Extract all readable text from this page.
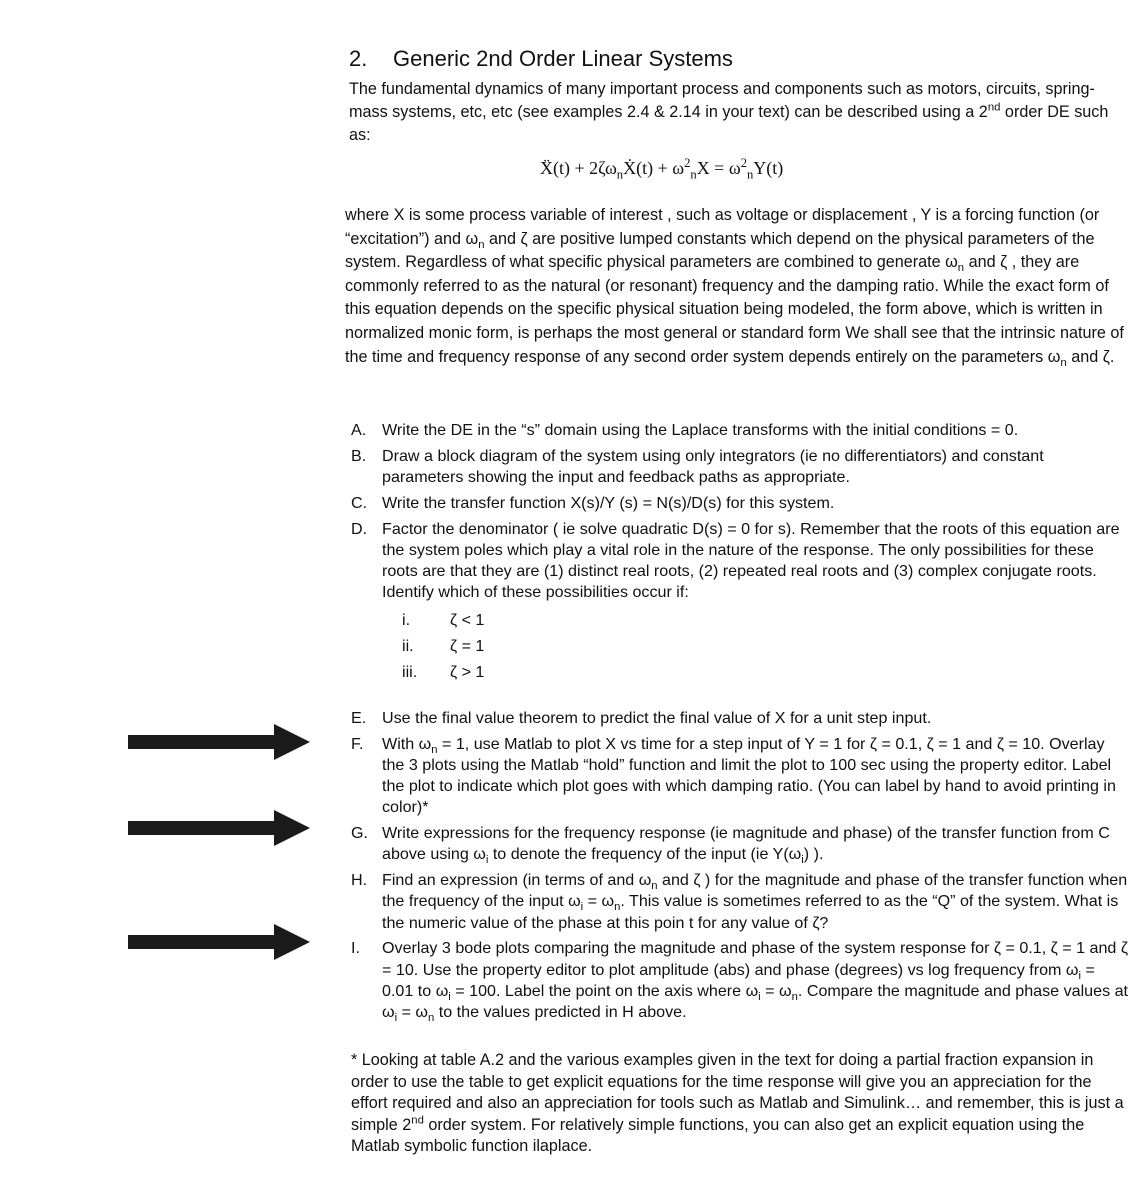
2. Generic 2nd Order Linear Systems

The fundamental dynamics of many important process and components such as motors, circuits, spring-mass systems, etc, etc (see examples 2.4 & 2.14 in your text) can be described using a 2nd order DE such as:

Ẍ(t) + $2\zeta\omega_nẊ(t) + \omega^2_nX = \omega^2_nY(t)$

where X is some process variable of interest , such as voltage or displacement , Y is a forcing function (or “excitation”) and $\omega_n$ and ζ are positive lumped constants which depend on the physical parameters of the system. Regardless of what specific physical parameters are combined to generate $\omega_n$ and ζ , they are commonly referred to as the natural (or resonant) frequency and the damping ratio. While the exact form of this equation depends on the specific physical situation being modeled, the form above, which is written in normalized monic form, is perhaps the most general or standard form We shall see that the intrinsic nature of the time and frequency response of any second order system depends entirely on the parameters $\omega_n$ and ζ.

A. Write the DE in the “s” domain using the Laplace transforms with the initial conditions = 0.
B. Draw a block diagram of the system using only integrators (ie no differentiators) and constant parameters showing the input and feedback paths as appropriate.
C. Write the transfer function X(s)/Y (s) = N(s)/D(s) for this system.
D. Factor the denominator ( ie solve quadratic D(s) = 0 for s). Remember that the roots of this equation are the system poles which play a vital role in the nature of the response. The only possibilities for these roots are that they are (1) distinct real roots, (2) repeated real roots and (3) complex conjugate roots. Identify which of these possibilities occur if:
i. ζ < 1
ii. ζ = 1
iii. ζ > 1
E. Use the final value theorem to predict the final value of X for a unit step input.
F. With $\omega_n = 1$, use Matlab to plot X vs time for a step input of Y = 1 for ζ = 0.1, ζ = 1 and ζ = 10. Overlay the 3 plots using the Matlab “hold” function and limit the plot to 100 sec using the property editor. Label the plot to indicate which plot goes with which damping ratio. (You can label by hand to avoid printing in color)*
G. Write expressions for the frequency response (ie magnitude and phase) of the transfer function from C above using $\omega_i$ to denote the frequency of the input (ie $Y(\omega_i)$ ).
H. Find an expression (in terms of and $\omega_n$ and ζ ) for the magnitude and phase of the transfer function when the frequency of the input $\omega_i = \omega_n$. This value is sometimes referred to as the “Q” of the system. What is the numeric value of the phase at this poin t for any value of ζ?
I. Overlay 3 bode plots comparing the magnitude and phase of the system response for ζ = 0.1, ζ = 1 and ζ = 10. Use the property editor to plot amplitude (abs) and phase (degrees) vs log frequency from $\omega_i = 0.01$ to $\omega_i = 100$. Label the point on the axis where $\omega_i = \omega_n$. Compare the magnitude and phase values at $\omega_i = \omega_n$ to the values predicted in H above.

* Looking at table A.2 and the various examples given in the text for doing a partial fraction expansion in order to use the table to get explicit equations for the time response will give you an appreciation for the effort required and also an appreciation for tools such as Matlab and Simulink… and remember, this is just a simple 2nd order system. For relatively simple functions, you can also get an explicit equation using the Matlab symbolic function ilaplace.
